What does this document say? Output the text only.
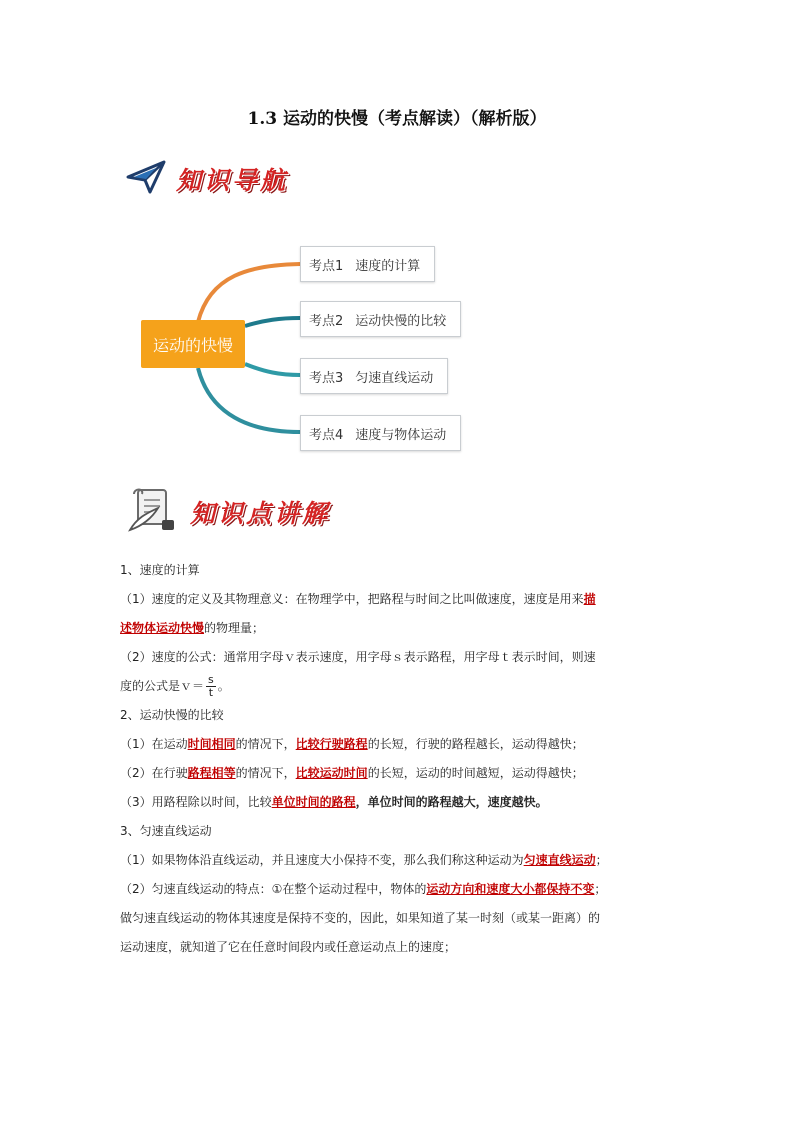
1.3 运动的快慢（考点解读）（解析版）
知识导航
运动的快慢
考点1 速度的计算
考点2 运动快慢的比较
考点3 匀速直线运动
考点4 速度与物体运动
知识点讲解

1、速度的计算

（1）速度的定义及其物理意义：在物理学中，把路程与时间之比叫做速度，速度是用来描

述物体运动快慢的物理量；

（2）速度的公式：通常用字母ｖ表示速度，用字母ｓ表示路程，用字母ｔ表示时间，则速

度的公式是ｖ＝ $\frac{s}{t}$ 。

2、运动快慢的比较

（1）在运动时间相同的情况下，比较行驶路程的长短，行驶的路程越长，运动得越快；

（2）在行驶路程相等的情况下，比较运动时间的长短，运动的时间越短，运动得越快；

（3）用路程除以时间，比较单位时间的路程，单位时间的路程越大，速度越快。

3、匀速直线运动

（1）如果物体沿直线运动，并且速度大小保持不变，那么我们称这种运动为匀速直线运动；

（2）匀速直线运动的特点：①在整个运动过程中，物体的运动方向和速度大小都保持不变；

做匀速直线运动的物体其速度是保持不变的，因此，如果知道了某一时刻（或某一距离）的

运动速度，就知道了它在任意时间段内或任意运动点上的速度；
